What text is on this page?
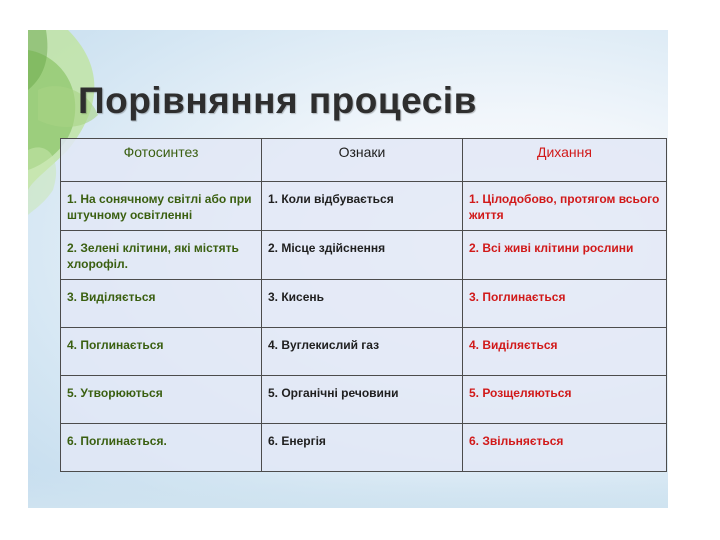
Порівняння процесів
Фотосинтез	Ознаки	Дихання
1. На сонячному світлі або при штучному освітленні	1. Коли відбувається	1. Цілодобово, протягом всього життя
2. Зелені клітини, які містять хлорофіл.	2. Місце здійснення	2. Всі живі клітини рослини
3. Виділяється	3. Кисень	3. Поглинається
4. Поглинається	4. Вуглекислий газ	4. Виділяється
5. Утворюються	5. Органічні речовини	5. Розщеляються
6. Поглинається.	6. Енергія	6. Звільняється
